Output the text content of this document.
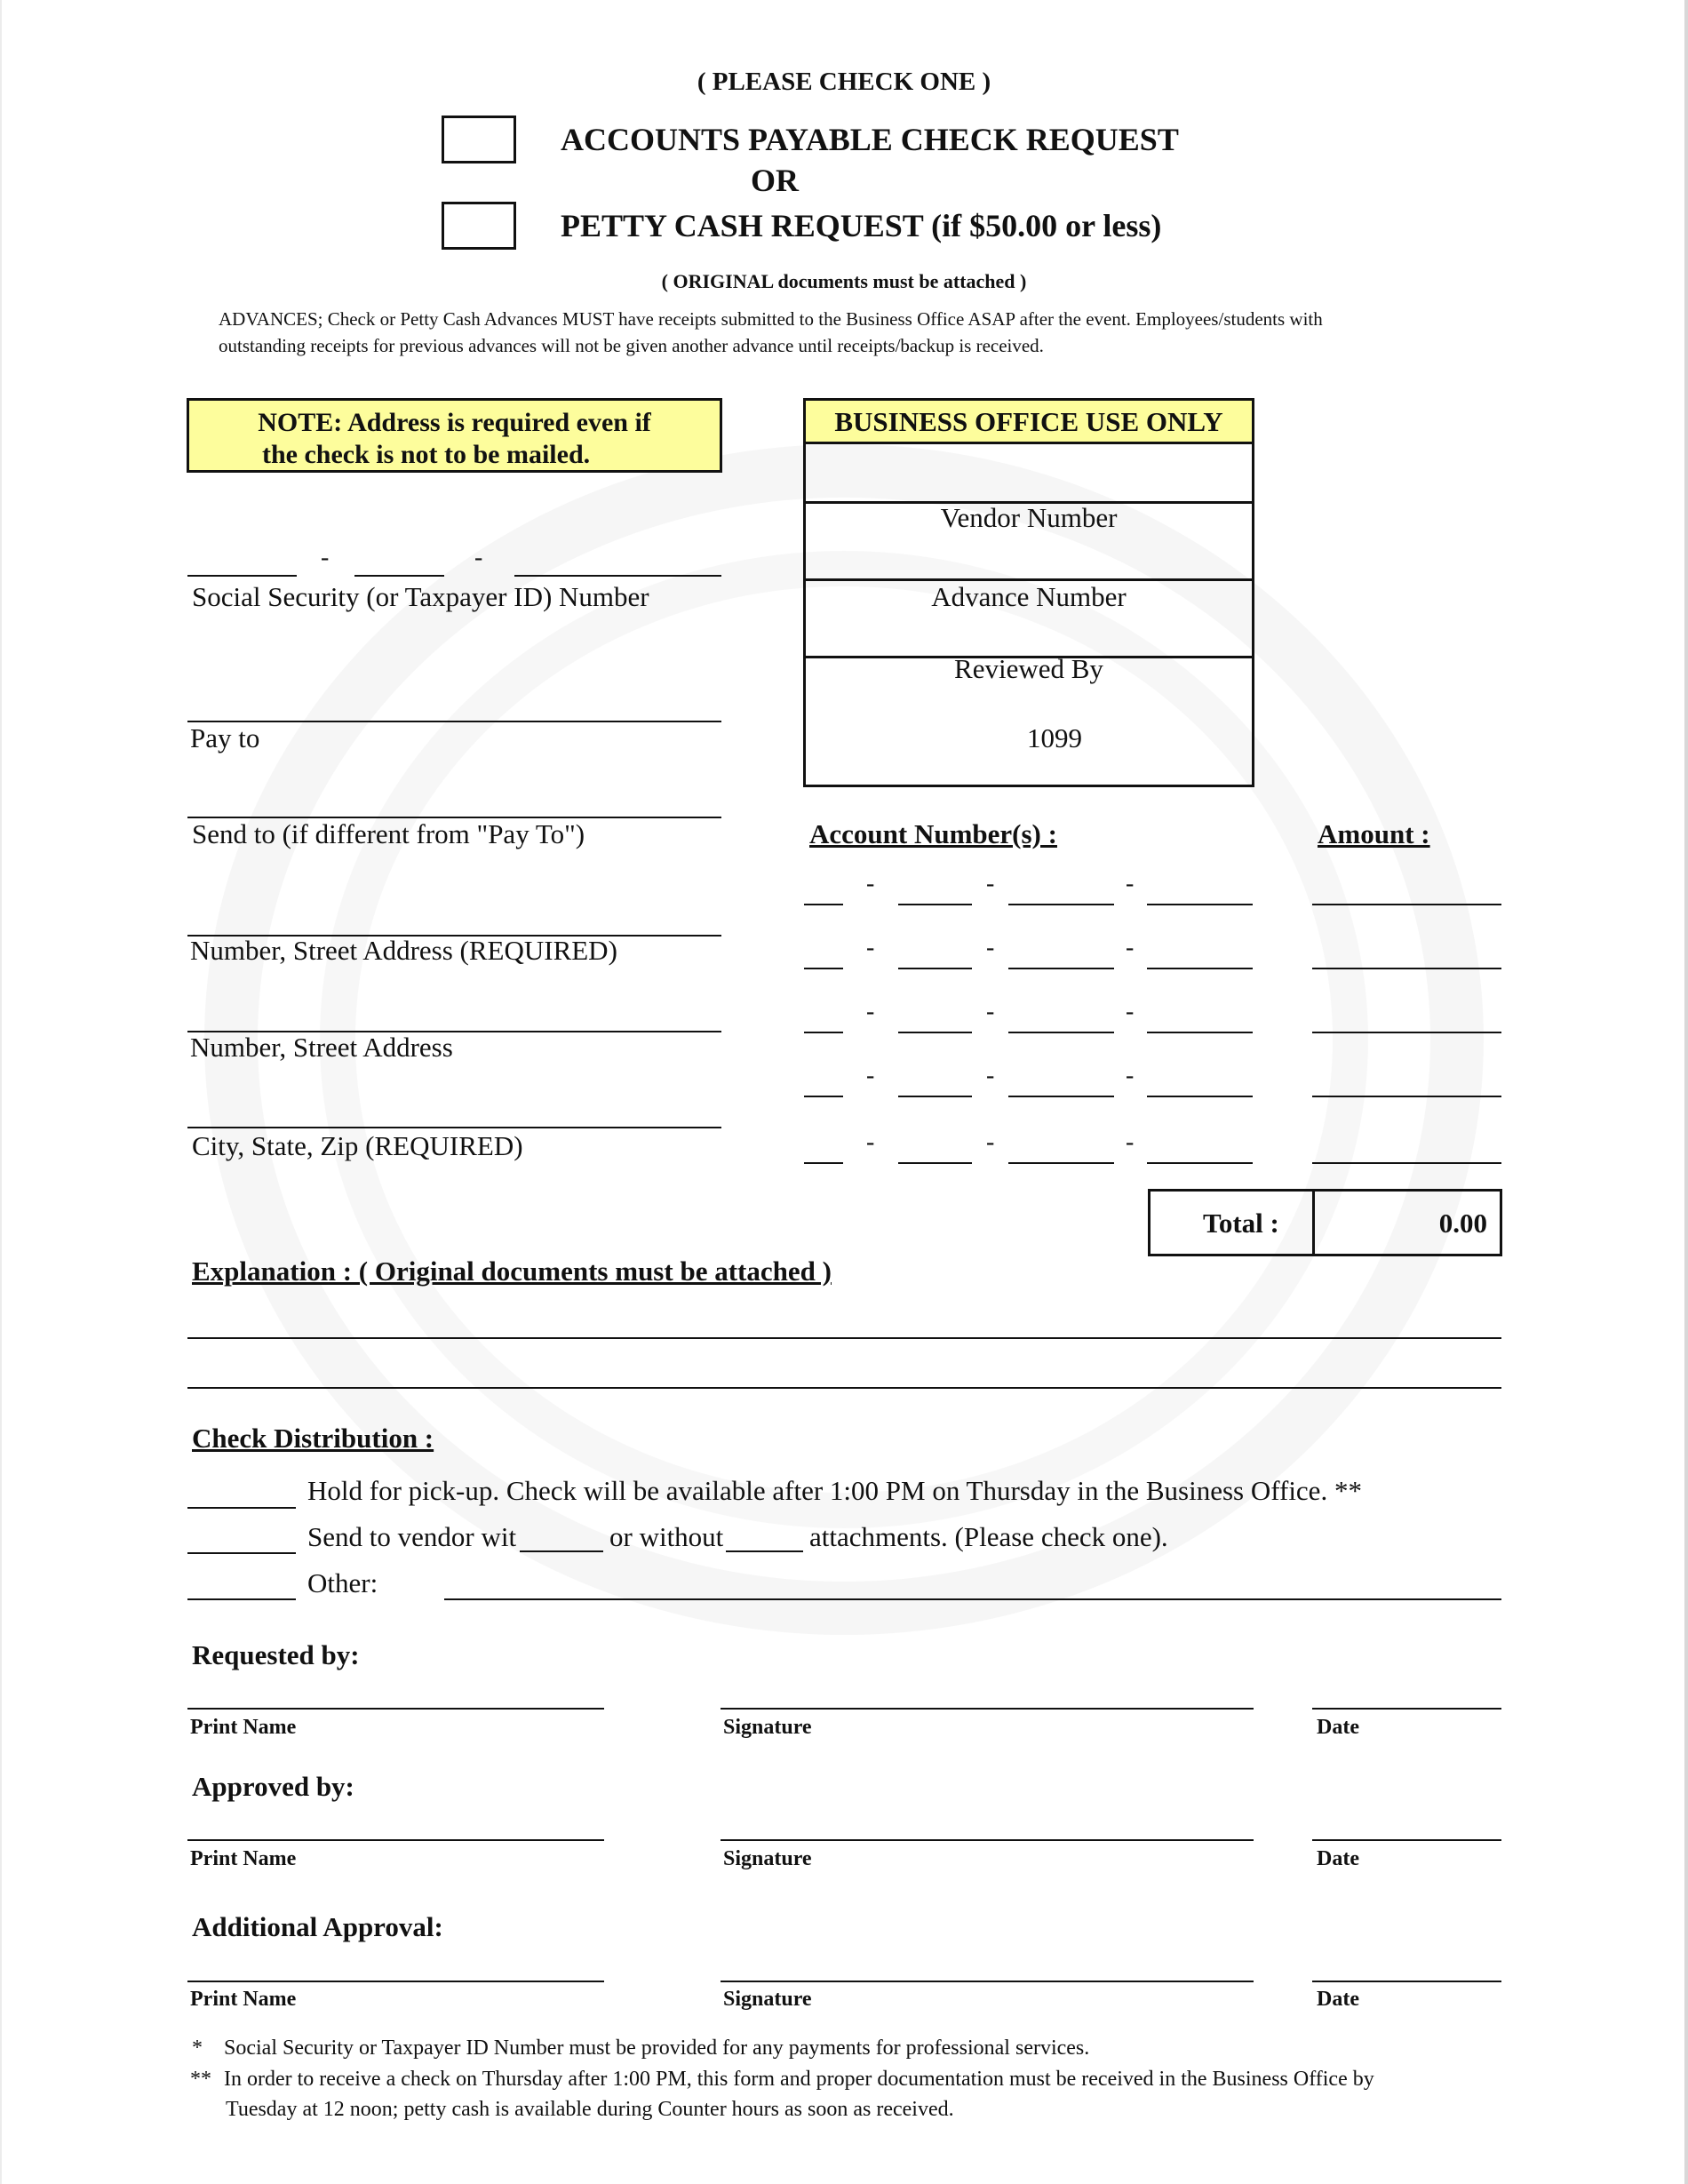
( PLEASE CHECK ONE )
ACCOUNTS PAYABLE CHECK REQUEST
OR
PETTY CASH REQUEST (if $50.00 or less)
( ORIGINAL documents must be attached )
ADVANCES; Check or Petty Cash Advances MUST have receipts submitted to the Business Office ASAP after the event. Employees/students with
outstanding receipts for previous advances will not be given another advance until receipts/backup is received.
NOTE: Address is required even if
the check is not to be mailed.
BUSINESS OFFICE USE ONLY
Vendor Number
Advance Number
Reviewed By
1099
-	-
Social Security (or Taxpayer ID) Number
Pay to
Send to (if different from "Pay To")
Number, Street Address (REQUIRED)
Number, Street Address
City, State, Zip (REQUIRED)
Account Number(s) :	Amount :
-	-	-
-	-	-
-	-	-
-	-	-
-	-	-
Total :	0.00
Explanation : ( Original documents must be attached )
Check Distribution :
Hold for pick-up. Check will be available after 1:00 PM on Thursday in the Business Office. **
Send to vendor wit	or without	attachments. (Please check one).
Other:
Requested by:
Print Name	Signature	Date
Approved by:
Print Name	Signature	Date
Additional Approval:
Print Name	Signature	Date
* Social Security or Taxpayer ID Number must be provided for any payments for professional services.
** In order to receive a check on Thursday after 1:00 PM, this form and proper documentation must be received in the Business Office by
Tuesday at 12 noon; petty cash is available during Counter hours as soon as received.
